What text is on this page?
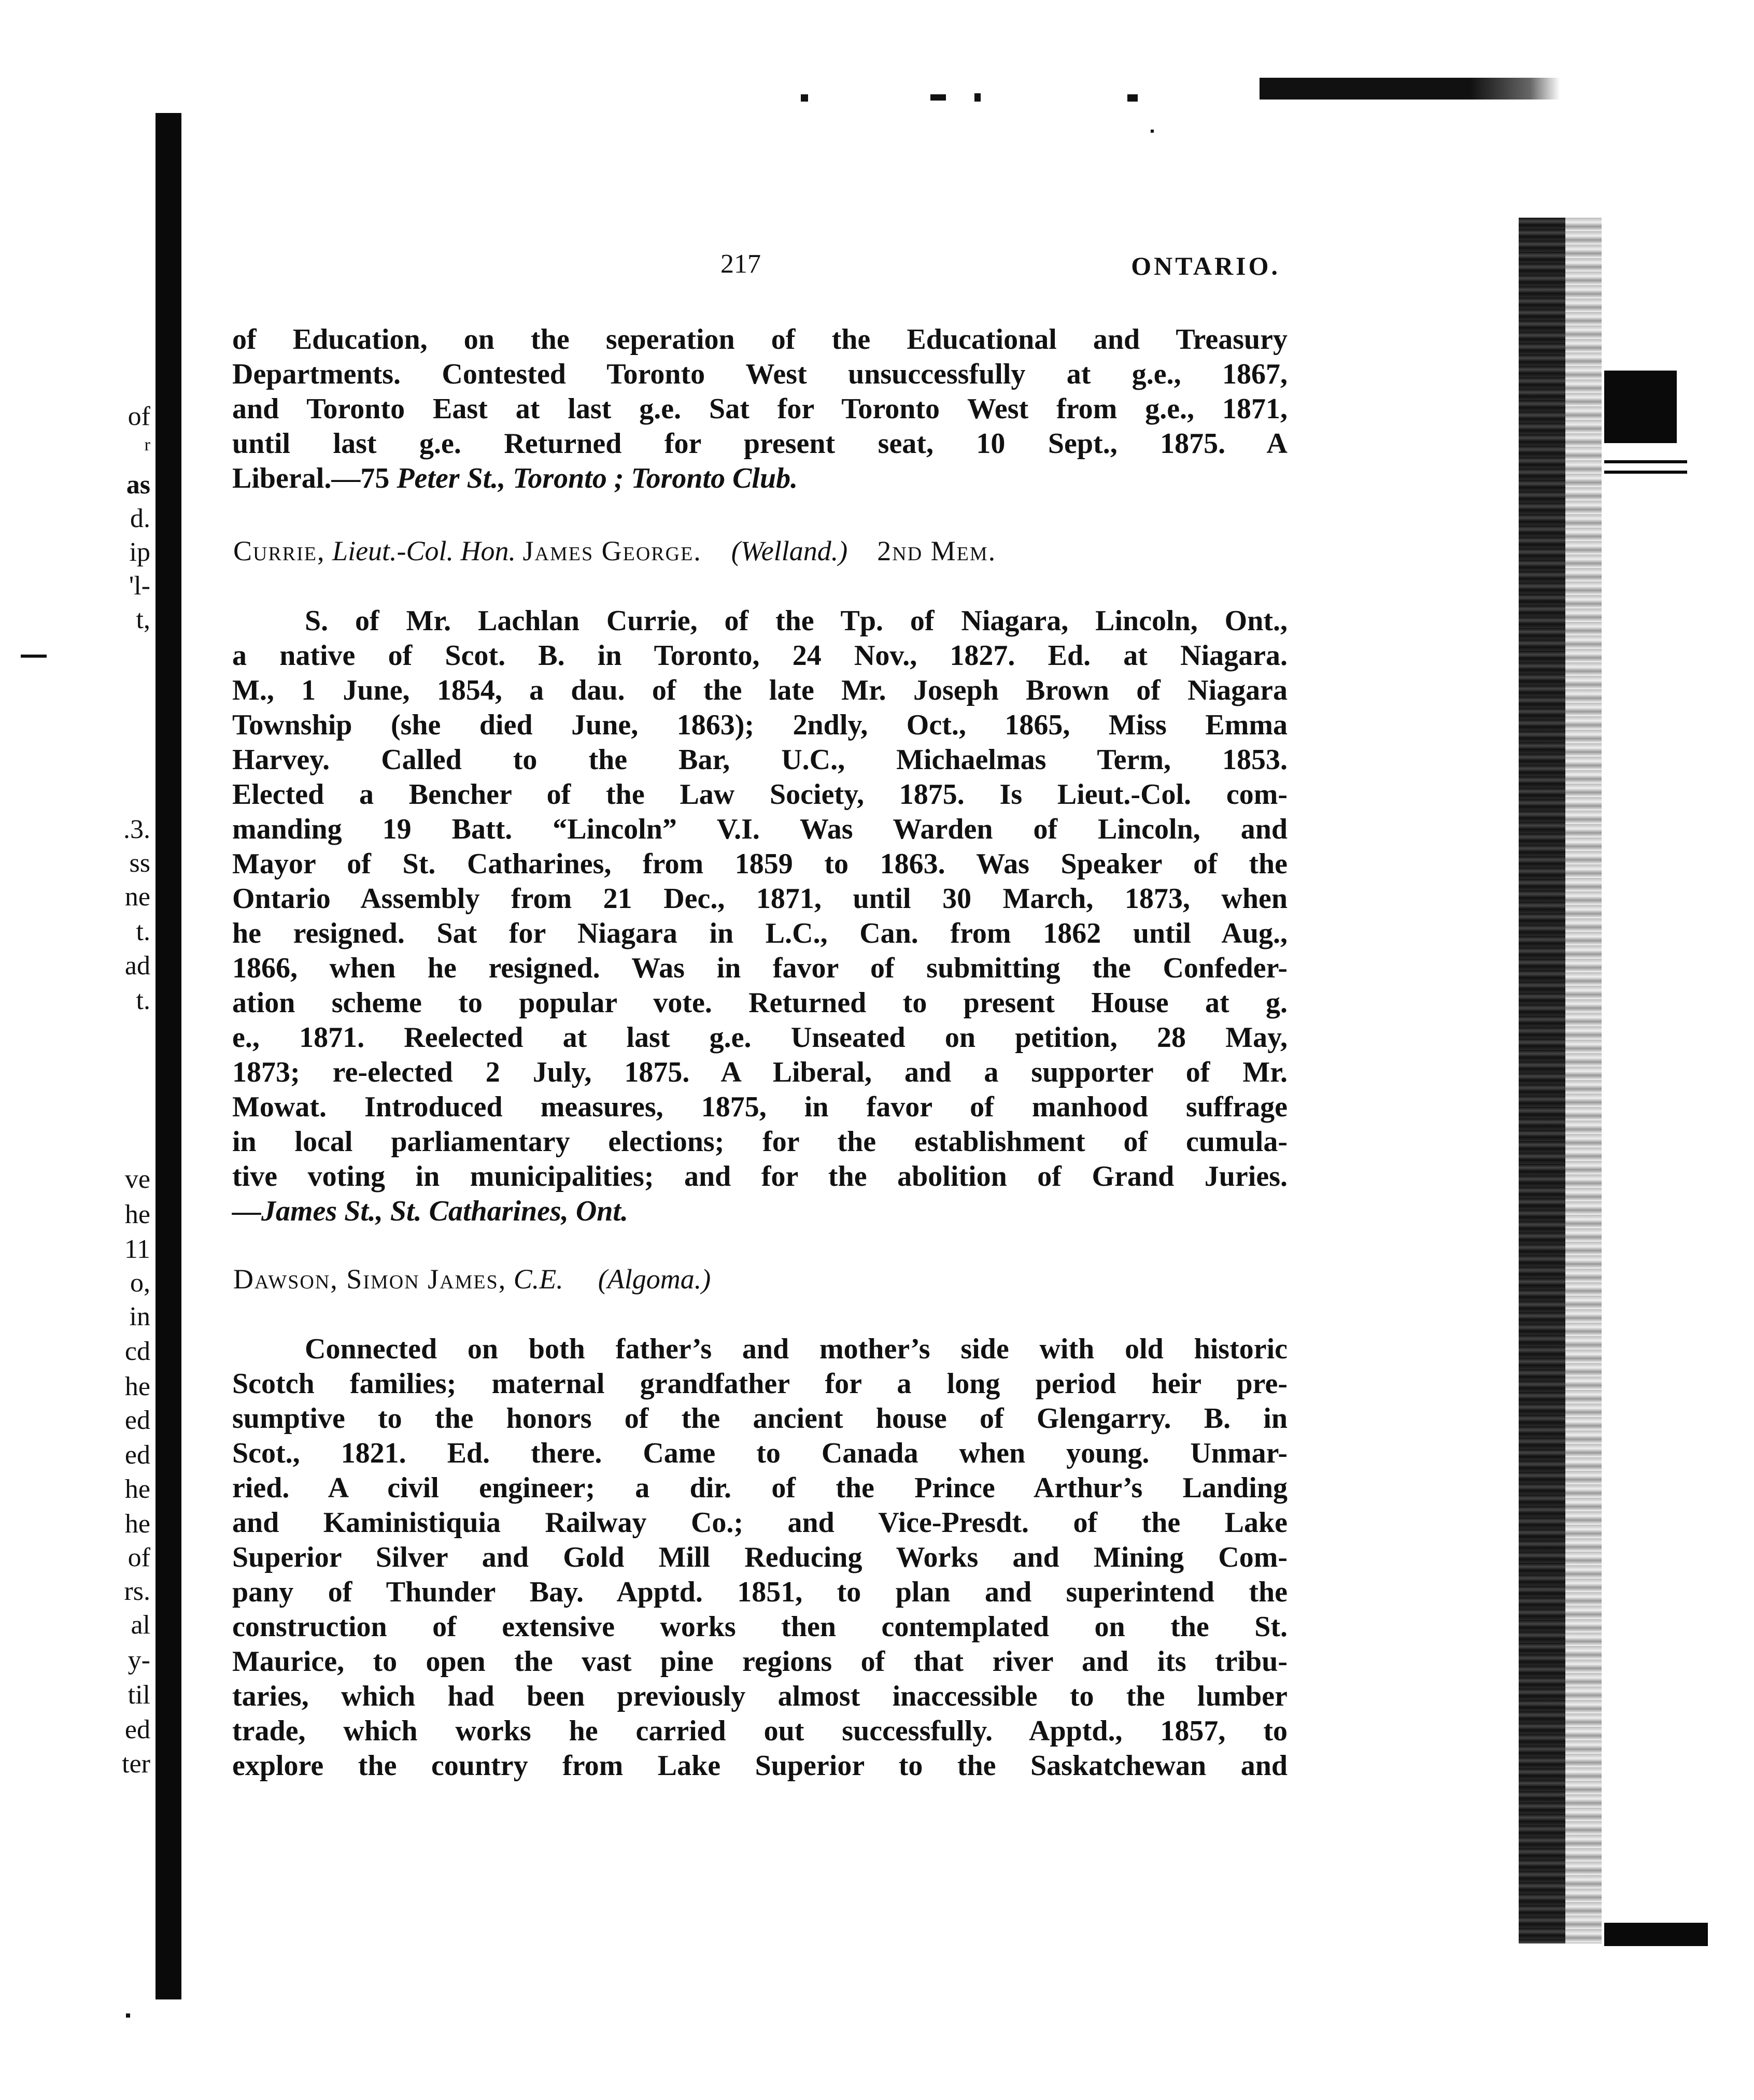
of
r
as
d.
ip
'l-
t,
.3.
ss
ne
t.
ad
t.
ve
he
11
o,
in
cd
he
ed
ed
he
he
of
rs.
al
y-
til
ed
ter
217	ONTARIO.
of Education, on the seperation of the Educational and Treasury
Departments. Contested Toronto West unsuccessfully at g.e., 1867,
and Toronto East at last g.e. Sat for Toronto West from g.e., 1871,
until last g.e. Returned for present seat, 10 Sept., 1875. A
Liberal.—75 Peter St., Toronto ; Toronto Club.
Currie, Lieut.-Col. Hon. James George. (Welland.) 2nd Mem.
S. of Mr. Lachlan Currie, of the Tp. of Niagara, Lincoln, Ont.,
a native of Scot. B. in Toronto, 24 Nov., 1827. Ed. at Niagara.
M., 1 June, 1854, a dau. of the late Mr. Joseph Brown of Niagara
Township (she died June, 1863); 2ndly, Oct., 1865, Miss Emma
Harvey. Called to the Bar, U.C., Michaelmas Term, 1853.
Elected a Bencher of the Law Society, 1875. Is Lieut.-Col. com-
manding 19 Batt. “Lincoln” V.I. Was Warden of Lincoln, and
Mayor of St. Catharines, from 1859 to 1863. Was Speaker of the
Ontario Assembly from 21 Dec., 1871, until 30 March, 1873, when
he resigned. Sat for Niagara in L.C., Can. from 1862 until Aug.,
1866, when he resigned. Was in favor of submitting the Confeder-
ation scheme to popular vote. Returned to present House at g.
e., 1871. Reelected at last g.e. Unseated on petition, 28 May,
1873; re-elected 2 July, 1875. A Liberal, and a supporter of Mr.
Mowat. Introduced measures, 1875, in favor of manhood suffrage
in local parliamentary elections; for the establishment of cumula-
tive voting in municipalities; and for the abolition of Grand Juries.
—James St., St. Catharines, Ont.
Dawson, Simon James, C.E. (Algoma.)
Connected on both father’s and mother’s side with old historic
Scotch families; maternal grandfather for a long period heir pre-
sumptive to the honors of the ancient house of Glengarry. B. in
Scot., 1821. Ed. there. Came to Canada when young. Unmar-
ried. A civil engineer; a dir. of the Prince Arthur’s Landing
and Kaministiquia Railway Co.; and Vice-Presdt. of the Lake
Superior Silver and Gold Mill Reducing Works and Mining Com-
pany of Thunder Bay. Apptd. 1851, to plan and superintend the
construction of extensive works then contemplated on the St.
Maurice, to open the vast pine regions of that river and its tribu-
taries, which had been previously almost inaccessible to the lumber
trade, which works he carried out successfully. Apptd., 1857, to
explore the country from Lake Superior to the Saskatchewan and
